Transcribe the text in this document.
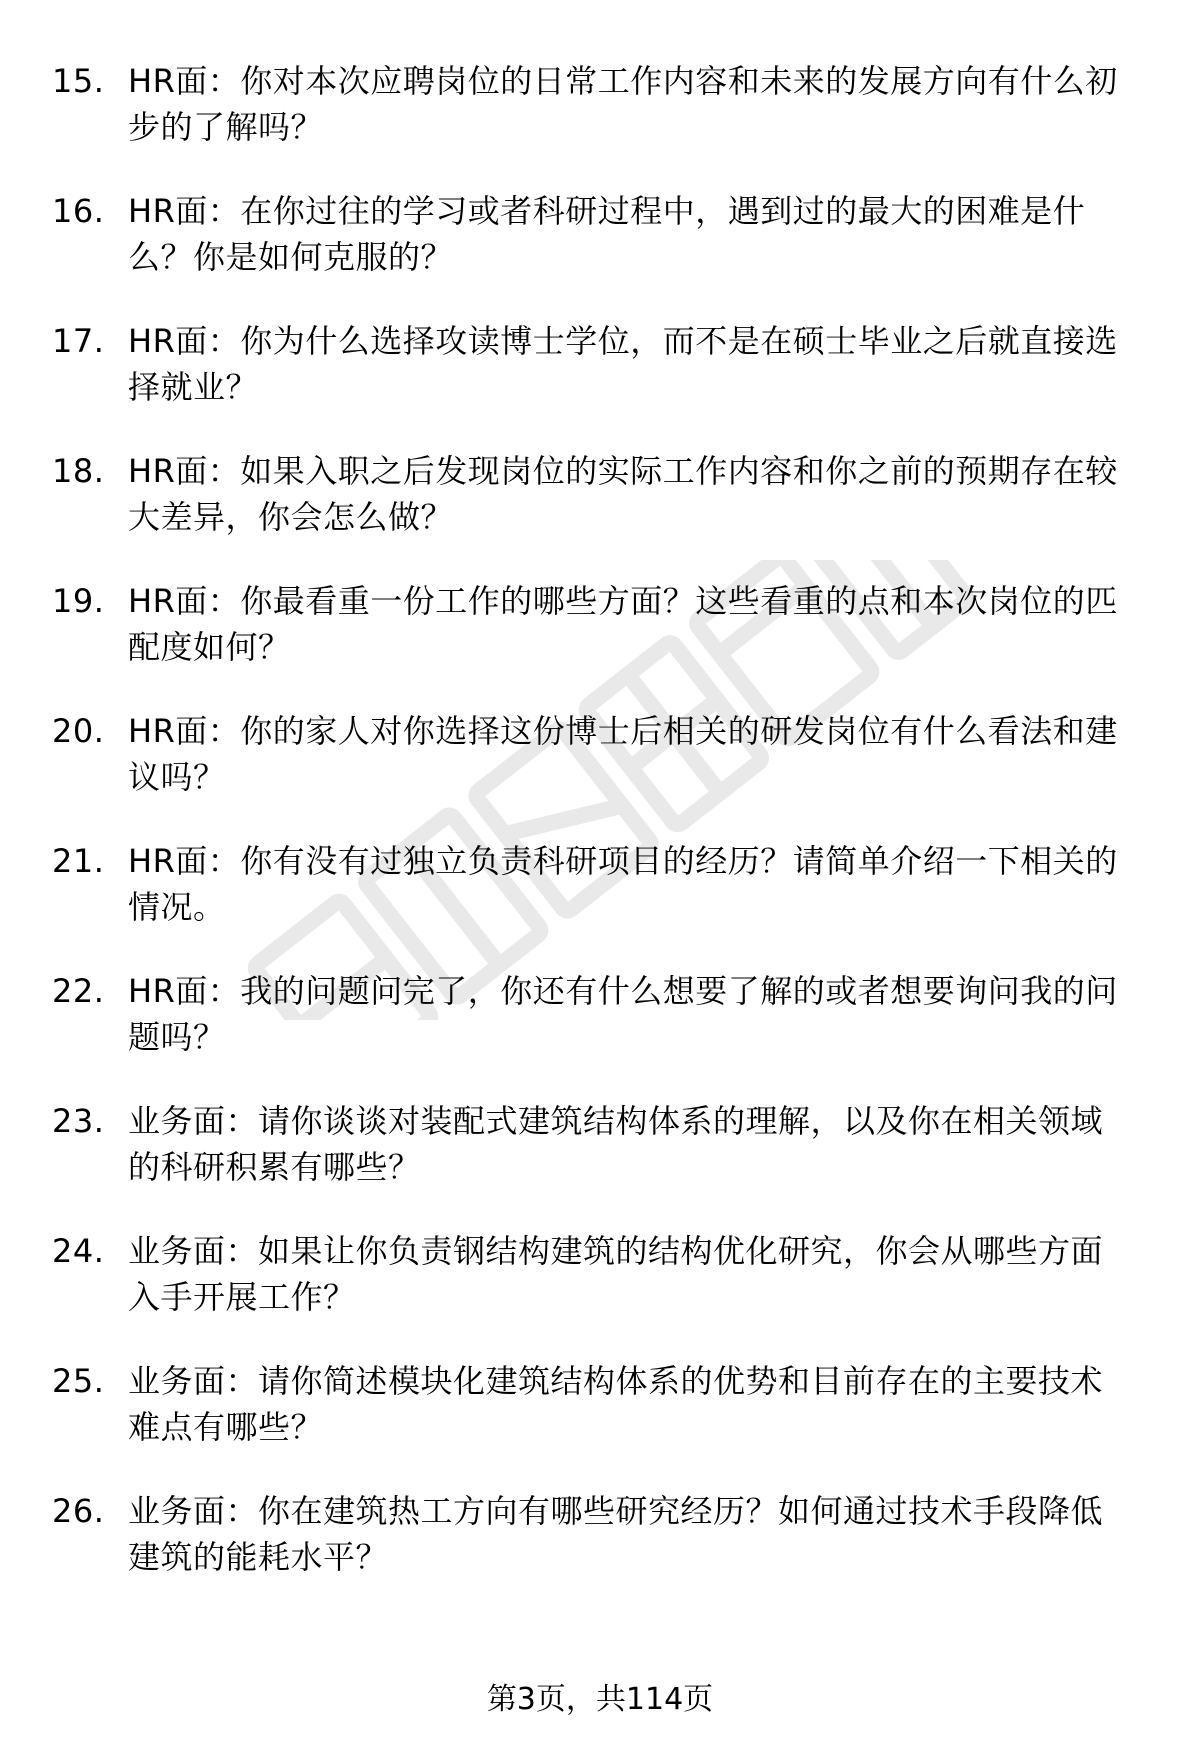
15. HR面：你对本次应聘岗位的日常工作内容和未来的发展方向有什么初步的了解吗？
16. HR面：在你过往的学习或者科研过程中，遇到过的最大的困难是什么？你是如何克服的？
17. HR面：你为什么选择攻读博士学位，而不是在硕士毕业之后就直接选择就业？
18. HR面：如果入职之后发现岗位的实际工作内容和你之前的预期存在较大差异，你会怎么做？
19. HR面：你最看重一份工作的哪些方面？这些看重的点和本次岗位的匹配度如何？
20. HR面：你的家人对你选择这份博士后相关的研发岗位有什么看法和建议吗？
21. HR面：你有没有过独立负责科研项目的经历？请简单介绍一下相关的情况。
22. HR面：我的问题问完了，你还有什么想要了解的或者想要询问我的问题吗？
23. 业务面：请你谈谈对装配式建筑结构体系的理解，以及你在相关领域的科研积累有哪些？
24. 业务面：如果让你负责钢结构建筑的结构优化研究，你会从哪些方面入手开展工作？
25. 业务面：请你简述模块化建筑结构体系的优势和目前存在的主要技术难点有哪些？
26. 业务面：你在建筑热工方向有哪些研究经历？如何通过技术手段降低建筑的能耗水平？
第3页，共114页
